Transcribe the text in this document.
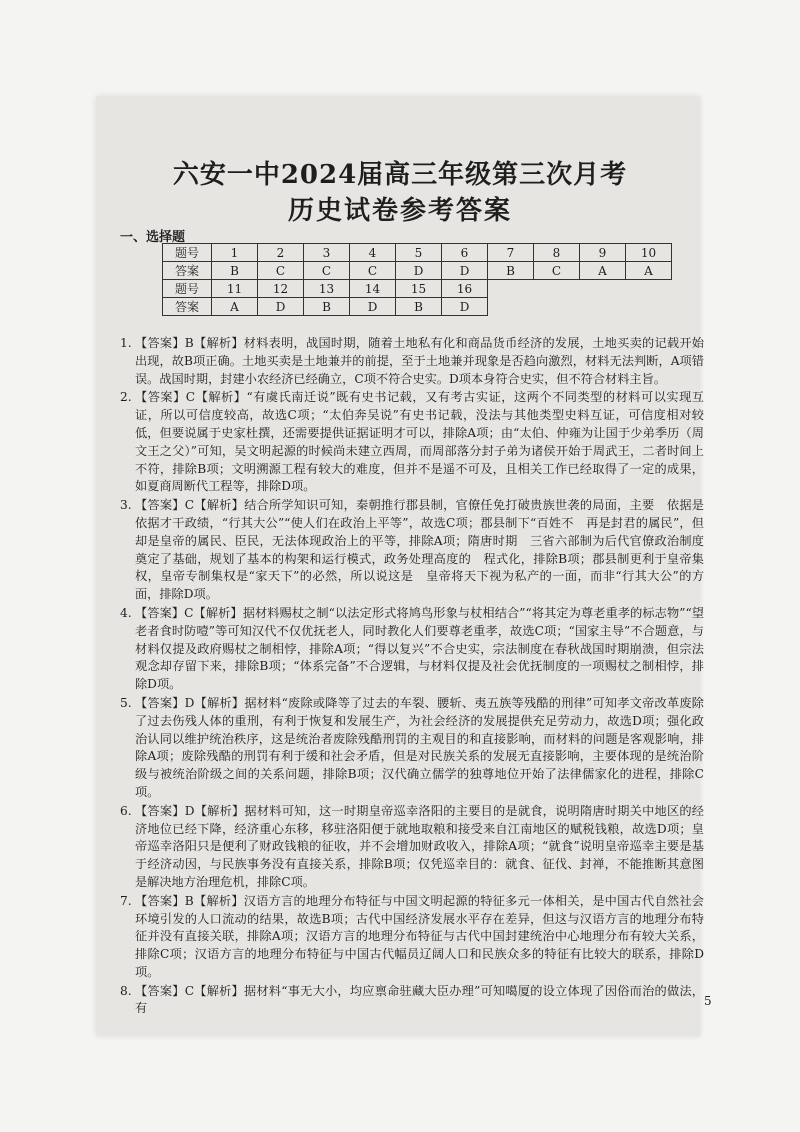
六安一中2024届高三年级第三次月考
历史试卷参考答案
一、选择题
题号	1	2	3	4	5	6	7	8	9	10
答案	B	C	C	C	D	D	B	C	A	A
题号	11	12	13	14	15	16				
答案	A	D	B	D	B	D				
1. 【答案】B【解析】材料表明，战国时期，随着土地私有化和商品货币经济的发展，土地买卖的记载开始出现，故B项正确。土地买卖是土地兼并的前提，至于土地兼并现象是否趋向激烈，材料无法判断，A项错误。战国时期，封建小农经济已经确立，C项不符合史实。D项本身符合史实，但不符合材料主旨。
2. 【答案】C【解析】“有虞氏南迁说”既有史书记载，又有考古实证，这两个不同类型的材料可以实现互证，所以可信度较高，故选C项；“太伯奔吴说”有史书记载，没法与其他类型史料互证，可信度相对较低，但要说属于史家杜撰，还需要提供证据证明才可以，排除A项；由“太伯、仲雍为让国于少弟季历（周文王之父）”可知，吴文明起源的时候尚未建立西周，而周部落分封子弟为诸侯开始于周武王，二者时间上不符，排除B项；文明溯源工程有较大的难度，但并不是遥不可及，且相关工作已经取得了一定的成果，如夏商周断代工程等，排除D项。
3. 【答案】C【解析】结合所学知识可知，秦朝推行郡县制，官僚任免打破贵族世袭的局面，主要　依据是依据才干政绩，“行其大公”“使人们在政治上平等”，故选C项；郡县制下“百姓不　再是封君的属民”，但却是皇帝的属民、臣民，无法体现政治上的平等，排除A项；隋唐时期　三省六部制为后代官僚政治制度奠定了基础，规划了基本的构架和运行模式，政务处理高度的　程式化，排除B项；郡县制更利于皇帝集权，皇帝专制集权是“家天下”的必然，所以说这是　皇帝将天下视为私产的一面，而非“行其大公”的方面，排除D项。
4. 【答案】C【解析】据材料赐杖之制“以法定形式将鸠鸟形象与杖相结合”“将其定为尊老重孝的标志物”“望老者食时防噎”等可知汉代不仅优抚老人，同时教化人们要尊老重孝，故选C项；“国家主导”不合题意，与材料仅提及政府赐杖之制相悖，排除A项；“得以复兴”不合史实，宗法制度在春秋战国时期崩溃，但宗法观念却存留下来，排除B项；“体系完备”不合逻辑，与材料仅提及社会优抚制度的一项赐杖之制相悖，排除D项。
5. 【答案】D【解析】据材料“废除或降等了过去的车裂、腰斩、夷五族等残酷的刑律”可知孝文帝改革废除了过去伤残人体的重刑，有利于恢复和发展生产，为社会经济的发展提供充足劳动力，故选D项；强化政治认同以维护统治秩序，这是统治者废除残酷刑罚的主观目的和直接影响，而材料的问题是客观影响，排除A项；废除残酷的刑罚有利于缓和社会矛盾，但是对民族关系的发展无直接影响，主要体现的是统治阶级与被统治阶级之间的关系问题，排除B项；汉代确立儒学的独尊地位开始了法律儒家化的进程，排除C项。
6. 【答案】D【解析】据材料可知，这一时期皇帝巡幸洛阳的主要目的是就食，说明隋唐时期关中地区的经济地位已经下降，经济重心东移，移驻洛阳便于就地取粮和接受来自江南地区的赋税钱粮，故选D项；皇帝巡幸洛阳只是便利了财政钱粮的征收，并不会增加财政收入，排除A项；“就食”说明皇帝巡幸主要是基于经济动因，与民族事务没有直接关系，排除B项；仅凭巡幸目的：就食、征伐、封禅，不能推断其意图是解决地方治理危机，排除C项。
7. 【答案】B【解析】汉语方言的地理分布特征与中国文明起源的特征多元一体相关，是中国古代自然社会环境引发的人口流动的结果，故选B项；古代中国经济发展水平存在差异，但这与汉语方言的地理分布特征并没有直接关联，排除A项；汉语方言的地理分布特征与古代中国封建统治中心地理分布有较大关系，排除C项；汉语方言的地理分布特征与中国古代幅员辽阔人口和民族众多的特征有比较大的联系，排除D项。
8. 【答案】C【解析】据材料“事无大小，均应禀命驻藏大臣办理”可知噶厦的设立体现了因俗而治的做法，有
5
